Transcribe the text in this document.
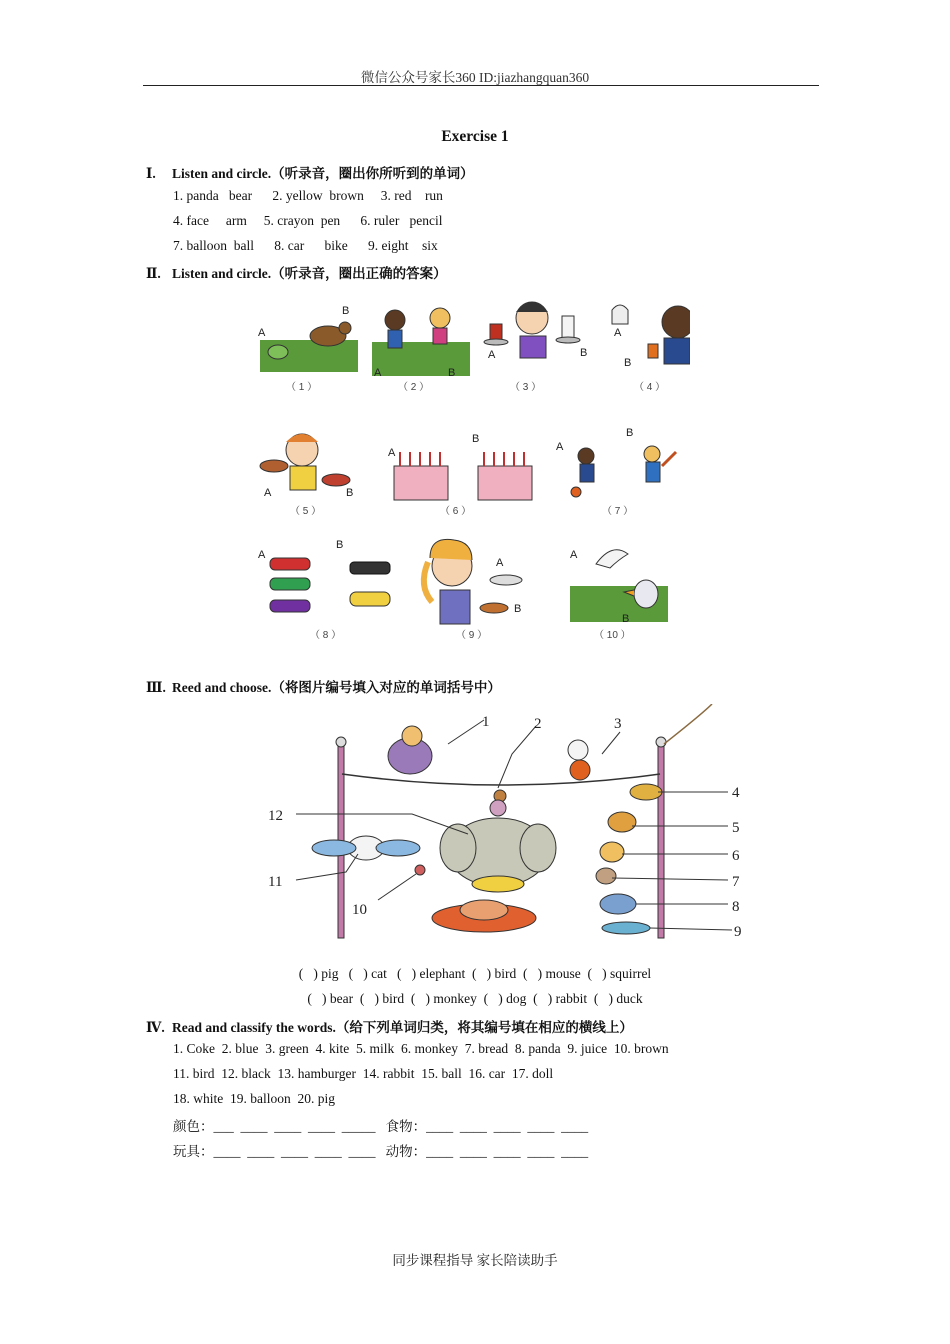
微信公众号家长360 ID:jiazhangquan360
Exercise 1
Ⅰ. Listen and circle.（听录音，圈出你所听到的单词）
1. panda   bear      2. yellow  brown     3. red    run
4. face     arm     5. crayon  pen      6. ruler   pencil
7. balloon  ball      8. car      bike      9. eight    six
Ⅱ. Listen and circle.（听录音，圈出正确的答案）
A
B
（ 1 ）
A	B
（ 2 ）
A	B
（ 3 ）
A
B
（ 4 ）
A	B
（ 5 ）
A
B
（ 6 ）
A
B
（ 7 ）
A
B
（ 8 ）
A
B
（ 9 ）
A
B
（ 10 ）
Ⅲ. Reed and choose.（将图片编号填入对应的单词括号中）
1	2	3
4
5
6
7
8
9
10
11
12
(   ) pig   (   ) cat   (   ) elephant  (   ) bird  (   ) mouse  (   ) squirrel
(   ) bear  (   ) bird  (   ) monkey  (   ) dog  (   ) rabbit  (   ) duck
Ⅳ. Read and classify the words.（给下列单词归类，将其编号填在相应的横线上）
1. Coke  2. blue  3. green  4. kite  5. milk  6. monkey  7. bread  8. panda  9. juice  10. brown
11. bird  12. black  13. hamburger  14. rabbit  15. ball  16. car  17. doll
18. white  19. balloon  20. pig
颜色：___  ____  ____  ____  _____   食物：____  ____  ____  ____  ____
玩具：____  ____  ____  ____  ____   动物：____  ____  ____  ____  ____
同步课程指导 家长陪读助手
